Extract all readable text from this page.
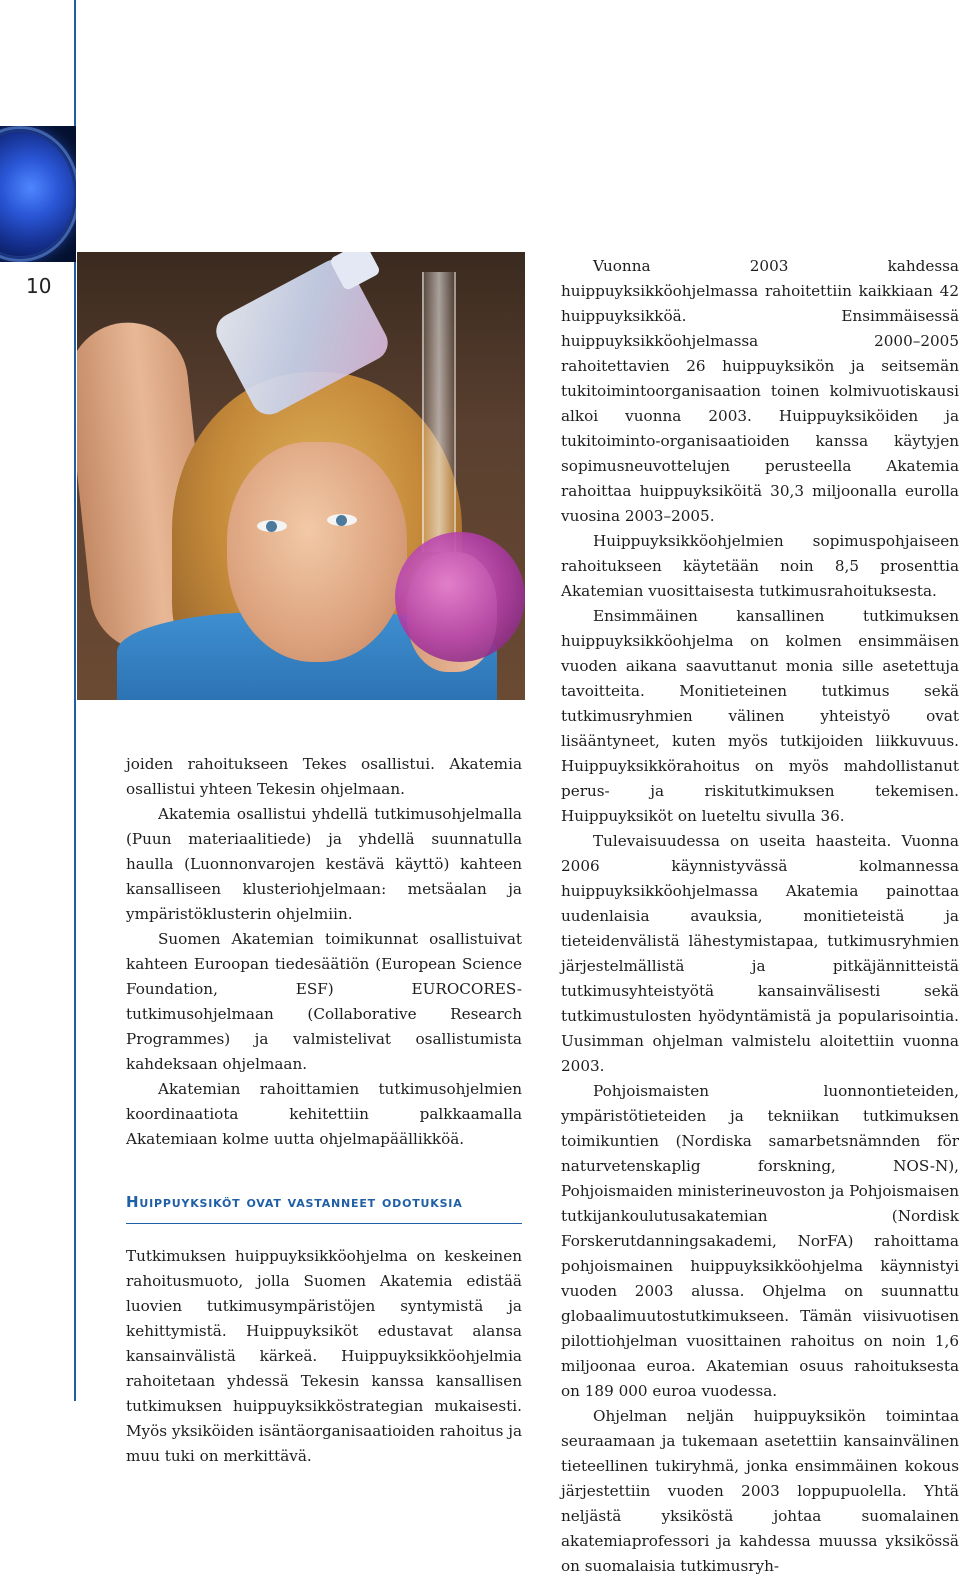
10

joiden rahoitukseen Tekes osallistui. Akatemia osallistui yhteen Tekesin ohjelmaan.

Akatemia osallistui yhdellä tutkimusohjelmalla (Puun materiaalitiede) ja yhdellä suunnatulla haulla (Luonnonvarojen kestävä käyttö) kahteen kansalliseen klusteriohjelmaan: metsäalan ja ympäristöklusterin ohjelmiin.

Suomen Akatemian toimikunnat osallistuivat kahteen Euroopan tiedesäätiön (European Science Foundation, ESF) EUROCORES-tutkimusohjelmaan (Collaborative Research Programmes) ja valmistelivat osallistumista kahdeksaan ohjelmaan.

Akatemian rahoittamien tutkimusohjelmien koordinaatiota kehitettiin palkkaamalla Akatemiaan kolme uutta ohjelmapäällikköä.

Huippuyksiköt ovat vastanneet odotuksia

Tutkimuksen huippuyksikköohjelma on keskeinen rahoitusmuoto, jolla Suomen Akatemia edistää luovien tutkimusympäristöjen syntymistä ja kehittymistä. Huippuyksiköt edustavat alansa kansainvälistä kärkeä. Huippuyksikköohjelmia rahoitetaan yhdessä Tekesin kanssa kansallisen tutkimuksen huippuyksikköstrategian mukaisesti. Myös yksiköiden isäntäorganisaatioiden rahoitus ja muu tuki on merkittävä.

Vuonna 2003 kahdessa huippuyksikköohjelmassa rahoitettiin kaikkiaan 42 huippuyksikköä. Ensimmäisessä huippuyksikköohjelmassa 2000–2005 rahoitettavien 26 huippuyksikön ja seitsemän tukitoimintoorganisaation toinen kolmivuotiskausi alkoi vuonna 2003. Huippuyksiköiden ja tukitoiminto-organisaatioiden kanssa käytyjen sopimusneuvottelujen perusteella Akatemia rahoittaa huippuyksiköitä 30,3 miljoonalla eurolla vuosina 2003–2005.

Huippuyksikköohjelmien sopimuspohjaiseen rahoitukseen käytetään noin 8,5 prosenttia Akatemian vuosittaisesta tutkimusrahoituksesta.

Ensimmäinen kansallinen tutkimuksen huippuyksikköohjelma on kolmen ensimmäisen vuoden aikana saavuttanut monia sille asetettuja tavoitteita. Monitieteinen tutkimus sekä tutkimusryhmien välinen yhteistyö ovat lisääntyneet, kuten myös tutkijoiden liikkuvuus. Huippuyksikkörahoitus on myös mahdollistanut perus- ja riskitutkimuksen tekemisen. Huippuyksiköt on lueteltu sivulla 36.

Tulevaisuudessa on useita haasteita. Vuonna 2006 käynnistyvässä kolmannessa huippuyksikköohjelmassa Akatemia painottaa uudenlaisia avauksia, monitieteistä ja tieteidenvälistä lähestymistapaa, tutkimusryhmien järjestelmällistä ja pitkäjännitteistä tutkimusyhteistyötä kansainvälisesti sekä tutkimustulosten hyödyntämistä ja popularisointia. Uusimman ohjelman valmistelu aloitettiin vuonna 2003.

Pohjoismaisten luonnontieteiden, ympäristötieteiden ja tekniikan tutkimuksen toimikuntien (Nordiska samarbetsnämnden för naturvetenskaplig forskning, NOS-N), Pohjoismaiden ministerineuvoston ja Pohjoismaisen tutkijankoulutusakatemian (Nordisk Forskerutdanningsakademi, NorFA) rahoittama pohjoismainen huippuyksikköohjelma käynnistyi vuoden 2003 alussa. Ohjelma on suunnattu globaalimuutostutkimukseen. Tämän viisivuotisen pilottiohjelman vuosittainen rahoitus on noin 1,6 miljoonaa euroa. Akatemian osuus rahoituksesta on 189 000 euroa vuodessa.

Ohjelman neljän huippuyksikön toimintaa seuraamaan ja tukemaan asetettiin kansainvälinen tieteellinen tukiryhmä, jonka ensimmäinen kokous järjestettiin vuoden 2003 loppupuolella. Yhtä neljästä yksiköstä johtaa suomalainen akatemiaprofessori ja kahdessa muussa yksikössä on suomalaisia tutkimusryh-
